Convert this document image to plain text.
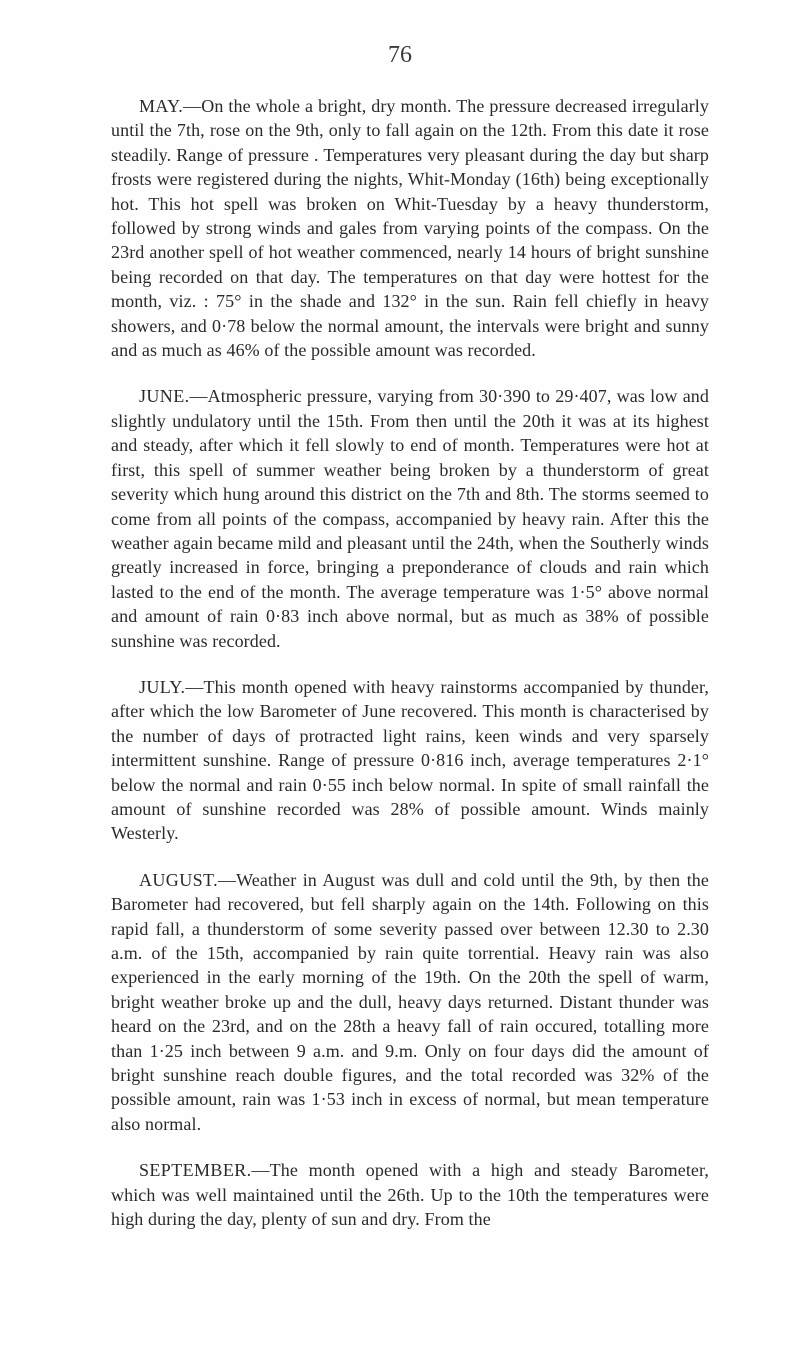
76

MAY. — On the whole a bright, dry month. The pressure decreased irregularly until the 7th, rose on the 9th, only to fall again on the 12th. From this date it rose steadily. Range of pressure . Temperatures very pleasant during the day but sharp frosts were registered during the nights, Whit-Monday (16th) being exceptionally hot. This hot spell was broken on Whit-Tuesday by a heavy thunderstorm, followed by strong winds and gales from varying points of the compass. On the 23rd another spell of hot weather commenced, nearly 14 hours of bright sunshine being recorded on that day. The temperatures on that day were hottest for the month, viz. : 75° in the shade and 132° in the sun. Rain fell chiefly in heavy showers, and 0·78 below the normal amount, the intervals were bright and sunny and as much as 46% of the possible amount was recorded.

JUNE. — Atmospheric pressure, varying from 30·390 to 29·407, was low and slightly undulatory until the 15th. From then until the 20th it was at its highest and steady, after which it fell slowly to end of month. Temperatures were hot at first, this spell of summer weather being broken by a thunderstorm of great severity which hung around this district on the 7th and 8th. The storms seemed to come from all points of the compass, accompanied by heavy rain. After this the weather again became mild and pleasant until the 24th, when the Southerly winds greatly increased in force, bringing a preponderance of clouds and rain which lasted to the end of the month. The average temperature was 1·5° above normal and amount of rain 0·83 inch above normal, but as much as 38% of possible sunshine was recorded.

JULY. — This month opened with heavy rainstorms accompanied by thunder, after which the low Barometer of June recovered. This month is characterised by the number of days of protracted light rains, keen winds and very sparsely intermittent sunshine. Range of pressure 0·816 inch, average temperatures 2·1° below the normal and rain 0·55 inch below normal. In spite of small rainfall the amount of sunshine recorded was 28% of possible amount. Winds mainly Westerly.

AUGUST. — Weather in August was dull and cold until the 9th, by then the Barometer had recovered, but fell sharply again on the 14th. Following on this rapid fall, a thunderstorm of some severity passed over between 12.30 to 2.30 a.m. of the 15th, accompanied by rain quite torrential. Heavy rain was also experienced in the early morning of the 19th. On the 20th the spell of warm, bright weather broke up and the dull, heavy days returned. Distant thunder was heard on the 23rd, and on the 28th a heavy fall of rain occured, totalling more than 1·25 inch between 9 a.m. and 9.m. Only on four days did the amount of bright sunshine reach double figures, and the total recorded was 32% of the possible amount, rain was 1·53 inch in excess of normal, but mean temperature also normal.

SEPTEMBER. — The month opened with a high and steady Barometer, which was well maintained until the 26th. Up to the 10th the temperatures were high during the day, plenty of sun and dry. From the
